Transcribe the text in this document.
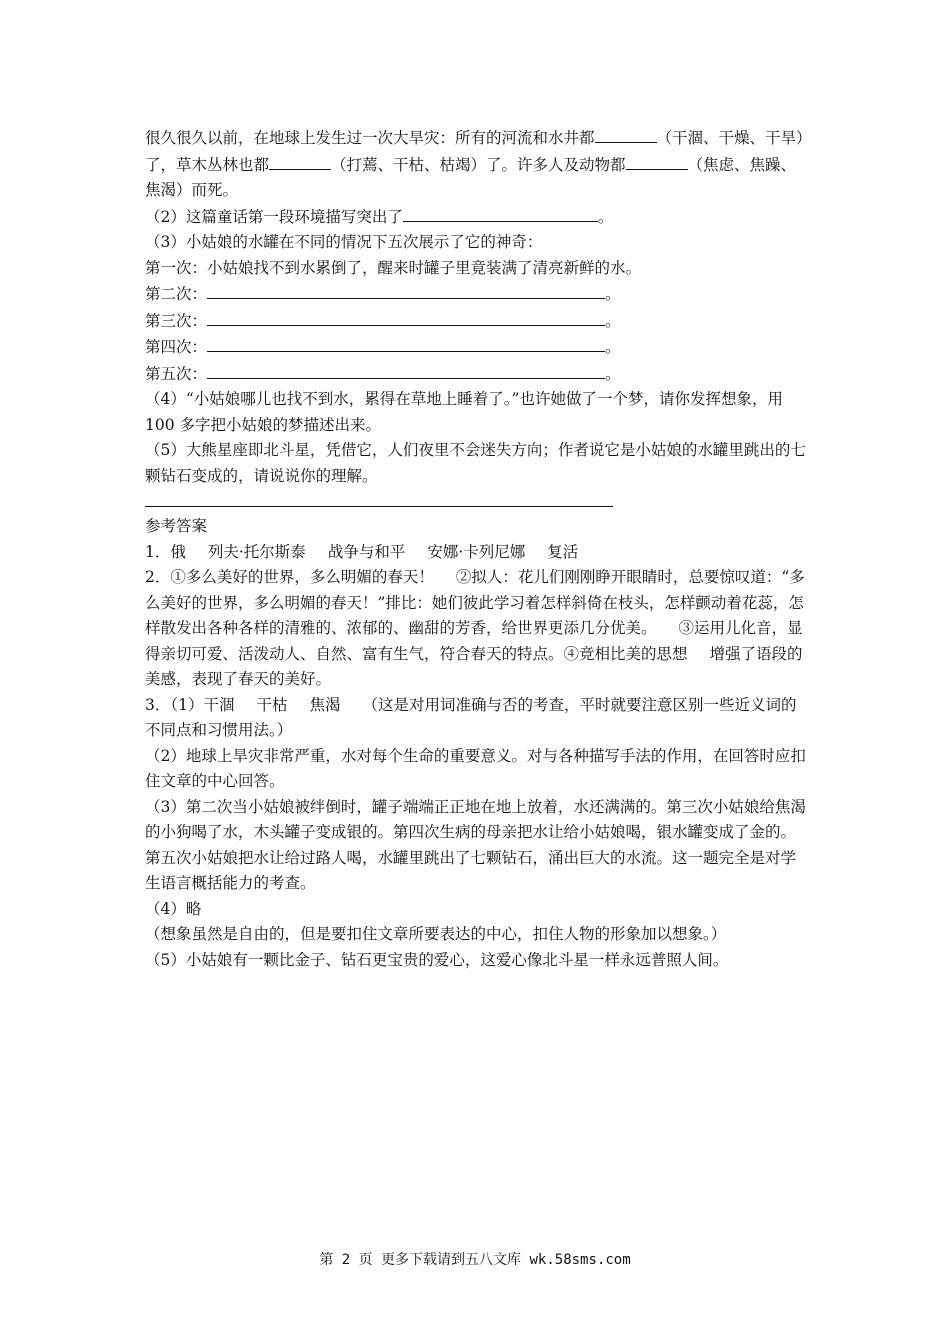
很久很久以前，在地球上发生过一次大旱灾：所有的河流和水井都	（干涸、干燥、干旱）了，草木丛林也都	（打蔫、干枯、枯竭）了。许多人及动物都	（焦虑、焦躁、焦渴）而死。

（2）这篇童话第一段环境描写突出了	。

（3）小姑娘的水罐在不同的情况下五次展示了它的神奇：

第一次：小姑娘找不到水累倒了，醒来时罐子里竟装满了清亮新鲜的水。

第二次：	。

第三次：	。

第四次：	。

第五次：	。

（4）“小姑娘哪儿也找不到水，累得在草地上睡着了。”也许她做了一个梦，请你发挥想象，用 100 多字把小姑娘的梦描述出来。

（5）大熊星座即北斗星，凭借它，人们夜里不会迷失方向；作者说它是小姑娘的水罐里跳出的七颗钻石变成的，请说说你的理解。

参考答案

1．俄 列夫·托尔斯泰 战争与和平 安娜·卡列尼娜 复活

2．①多么美好的世界，多么明媚的春天！ ②拟人：花儿们刚刚睁开眼睛时，总要惊叹道：“多么美好的世界，多么明媚的春天！”排比：她们彼此学习着怎样斜倚在枝头，怎样颤动着花蕊，怎样散发出各种各样的清雅的、浓郁的、幽甜的芳香，给世界更添几分优美。 ③运用儿化音，显得亲切可爱、活泼动人、自然、富有生气，符合春天的特点。④竞相比美的思想 增强了语段的美感，表现了春天的美好。

3．（1）干涸 干枯 焦渴 （这是对用词准确与否的考查，平时就要注意区别一些近义词的不同点和习惯用法。）

（2）地球上旱灾非常严重，水对每个生命的重要意义。对与各种描写手法的作用，在回答时应扣住文章的中心回答。

（3）第二次当小姑娘被绊倒时，罐子端端正正地在地上放着，水还满满的。第三次小姑娘给焦渴的小狗喝了水，木头罐子变成银的。第四次生病的母亲把水让给小姑娘喝，银水罐变成了金的。第五次小姑娘把水让给过路人喝，水罐里跳出了七颗钻石，涌出巨大的水流。这一题完全是对学生语言概括能力的考查。

（4）略（想象虽然是自由的，但是要扣住文章所要表达的中心，扣住人物的形象加以想象。）

（5）小姑娘有一颗比金子、钻石更宝贵的爱心，这爱心像北斗星一样永远普照人间。

第 2 页 更多下载请到五八文库 wk.58sms.com
